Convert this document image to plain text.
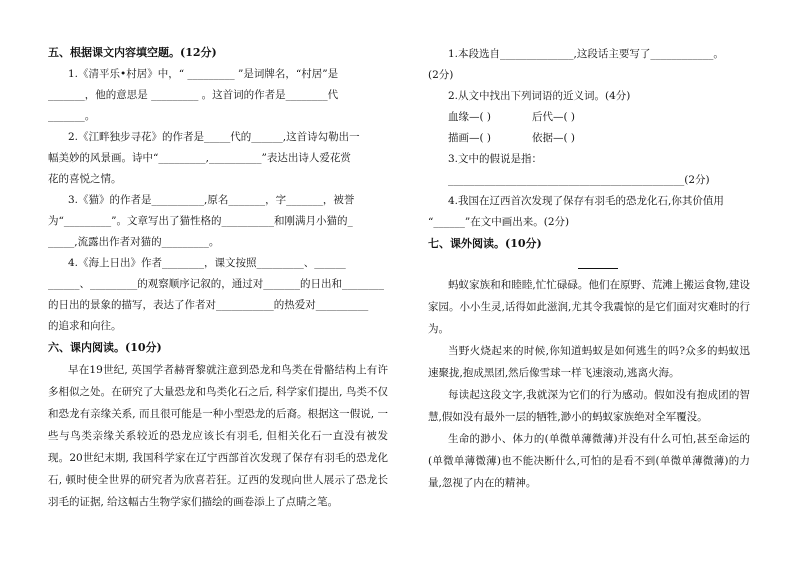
五、根据课文内容填空题。(12分)

1.《清平乐•村居》中，“ _________ ”是词牌名，“村居”是

_______，他的意思是 _________ 。这首词的作者是________代

_______。

2.《江畔独步寻花》的作者是_____代的______,这首诗勾勒出一

幅美妙的风景画。诗中“_________,__________”表达出诗人爱花赏

花的喜悦之情。

3.《猫》的作者是__________,原名_______，字_______，被誉

为“_________”。文章写出了猫性格的__________和刚满月小猫的_

_____,流露出作者对猫的_________。

4.《海上日出》作者________，课文按照_________、______

______、_________的观察顺序记叙的，通过对_______的日出和________

的日出的景象的描写，表达了作者对___________的热爱对__________

的追求和向往。

六、课内阅读。(10分)

早在19世纪, 英国学者赫胥黎就注意到恐龙和鸟类在骨骼结构上有许多相似之处。在研究了大量恐龙和鸟类化石之后, 科学家们提出, 鸟类不仅和恐龙有亲缘关系, 而且很可能是一种小型恐龙的后裔。根据这一假说, 一些与鸟类亲缘关系较近的恐龙应该长有羽毛, 但相关化石一直没有被发现。20世纪末期, 我国科学家在辽宁西部首次发现了保存有羽毛的恐龙化石, 顿时使全世界的研究者为欣喜若狂。辽西的发现向世人展示了恐龙长羽毛的证据, 给这幅古生物学家们描绘的画卷添上了点睛之笔。

1.本段选自______________,这段话主要写了____________。

(2分)

2.从文中找出下列词语的近义词。(4分)

血缘—( )	后代—( )
描画—( )	依据—( )

3.文中的假说是指：

_____________________________________________(2分)

4.我国在辽西首次发现了保存有羽毛的恐龙化石,你其价值用

“______”在文中画出来。(2分)

七、课外阅读。(10分)

蚂蚁家族和和睦睦,忙忙碌碌。他们在原野、荒滩上搬运食物,建设家园。小小生灵,话得如此滋润,尤其令我震惊的是它们面对灾难时的行为。

当野火烧起来的时候,你知道蚂蚁是如何逃生的吗?众多的蚂蚁迅速聚拢,抱成黑团,然后像雪球一样飞速滚动,逃离火海。

每读起这段文字,我就深为它们的行为感动。假如没有抱成团的智慧,假如没有最外一层的牺牲,渺小的蚂蚁家族绝对全军覆没。

生命的渺小、体力的(单微单薄微薄)并没有什么可怕,甚至命运的(单微单薄微薄)也不能决断什么,可怕的是看不到(单微单薄微薄)的力量,忽视了内在的精神。
